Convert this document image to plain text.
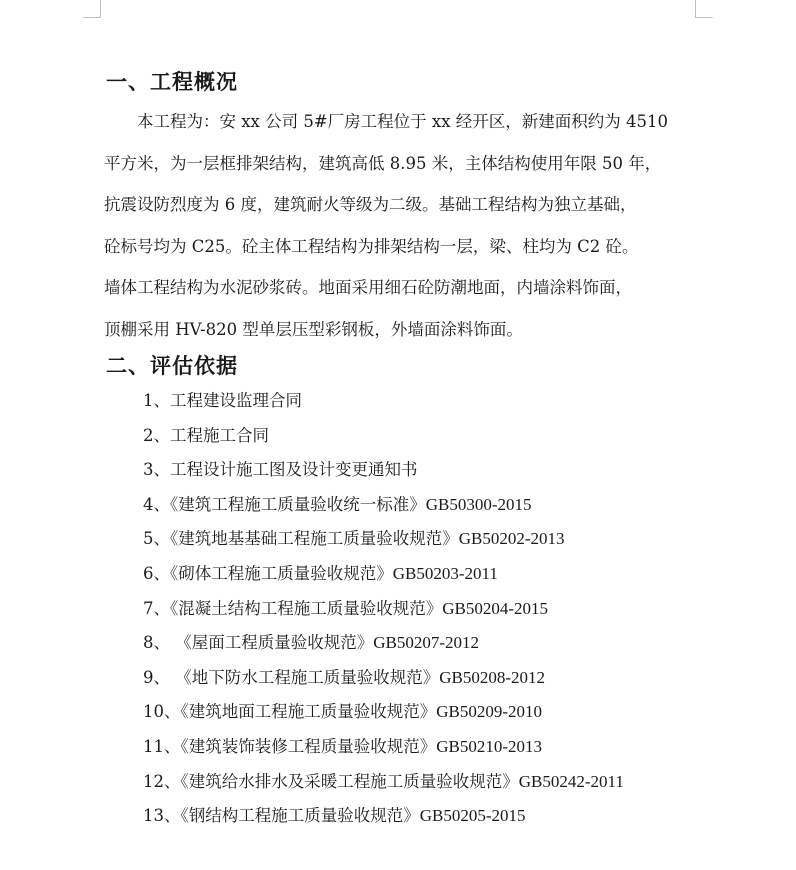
一、工程概况
本工程为：安 xx 公司 5#厂房工程位于 xx 经开区，新建面积约为 4510
平方米，为一层框排架结构，建筑高低 8.95 米，主体结构使用年限 50 年，
抗震设防烈度为 6 度，建筑耐火等级为二级。基础工程结构为独立基础，
砼标号均为 C25。砼主体工程结构为排架结构一层，梁、柱均为 C2 砼。
墙体工程结构为水泥砂浆砖。地面采用细石砼防潮地面，内墙涂料饰面，
顶棚采用 HV-820 型单层压型彩钢板，外墙面涂料饰面。
二、评估依据
1、工程建设监理合同
2、工程施工合同
3、工程设计施工图及设计变更通知书
4、《建筑工程施工质量验收统一标准》GB50300-2015
5、《建筑地基基础工程施工质量验收规范》GB50202-2013
6、《砌体工程施工质量验收规范》GB50203-2011
7、《混凝土结构工程施工质量验收规范》GB50204-2015
8、 《屋面工程质量验收规范》GB50207-2012
9、 《地下防水工程施工质量验收规范》GB50208-2012
10、《建筑地面工程施工质量验收规范》GB50209-2010
11、《建筑装饰装修工程质量验收规范》GB50210-2013
12、《建筑给水排水及采暖工程施工质量验收规范》GB50242-2011
13、《钢结构工程施工质量验收规范》GB50205-2015
